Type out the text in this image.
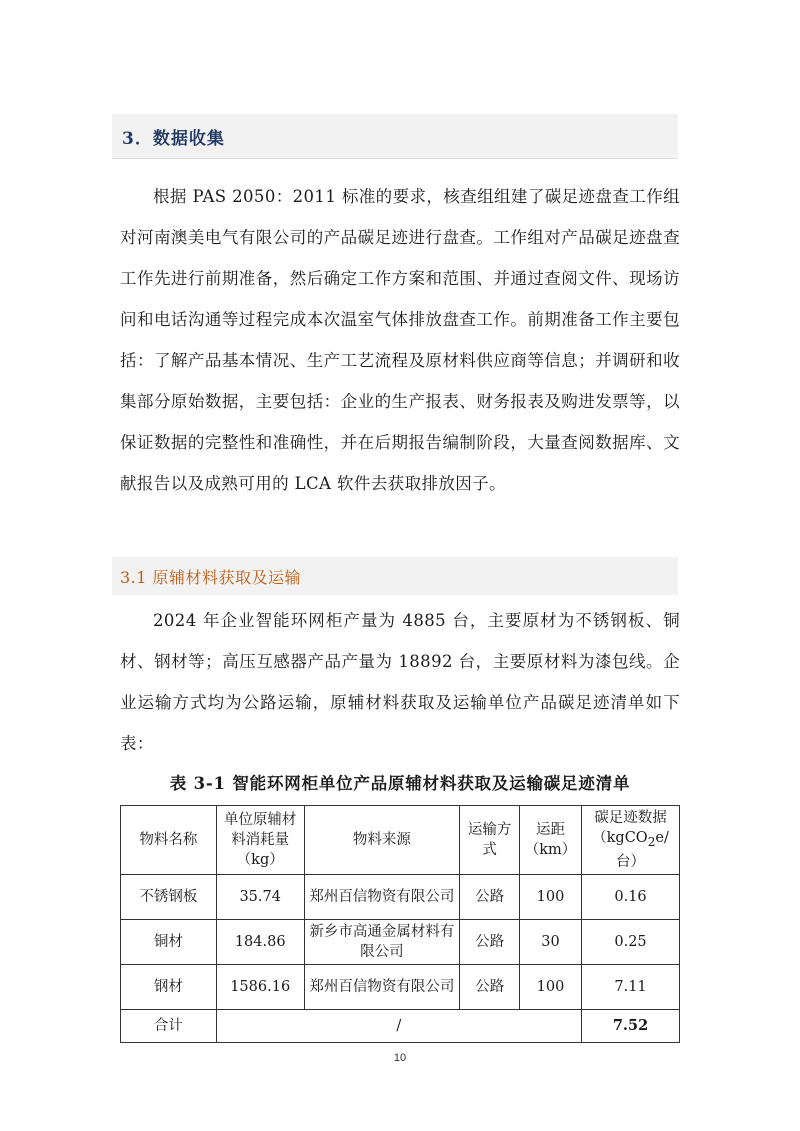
3．数据收集
根据 PAS 2050：2011 标准的要求，核查组组建了碳足迹盘查工作组对河南澳美电气有限公司的产品碳足迹进行盘查。工作组对产品碳足迹盘查工作先进行前期准备，然后确定工作方案和范围、并通过查阅文件、现场访问和电话沟通等过程完成本次温室气体排放盘查工作。前期准备工作主要包括：了解产品基本情况、生产工艺流程及原材料供应商等信息；并调研和收集部分原始数据，主要包括：企业的生产报表、财务报表及购进发票等，以保证数据的完整性和准确性，并在后期报告编制阶段，大量查阅数据库、文献报告以及成熟可用的 LCA 软件去获取排放因子。
3.1 原辅材料获取及运输
2024 年企业智能环网柜产量为 4885 台，主要原材为不锈钢板、铜材、钢材等；高压互感器产品产量为 18892 台，主要原材料为漆包线。企业运输方式均为公路运输，原辅材料获取及运输单位产品碳足迹清单如下表：
表 3-1 智能环网柜单位产品原辅材料获取及运输碳足迹清单
物料名称	单位原辅材料消耗量（kg）	物料来源	运输方式	运距（km）	碳足迹数据
（kgCO$_2$e/台）
不锈钢板	35.74	郑州百信物资有限公司	公路	100	0.16
铜材	184.86	新乡市高通金属材料有限公司	公路	30	0.25
钢材	1586.16	郑州百信物资有限公司	公路	100	7.11
合计	/				7.52
10
